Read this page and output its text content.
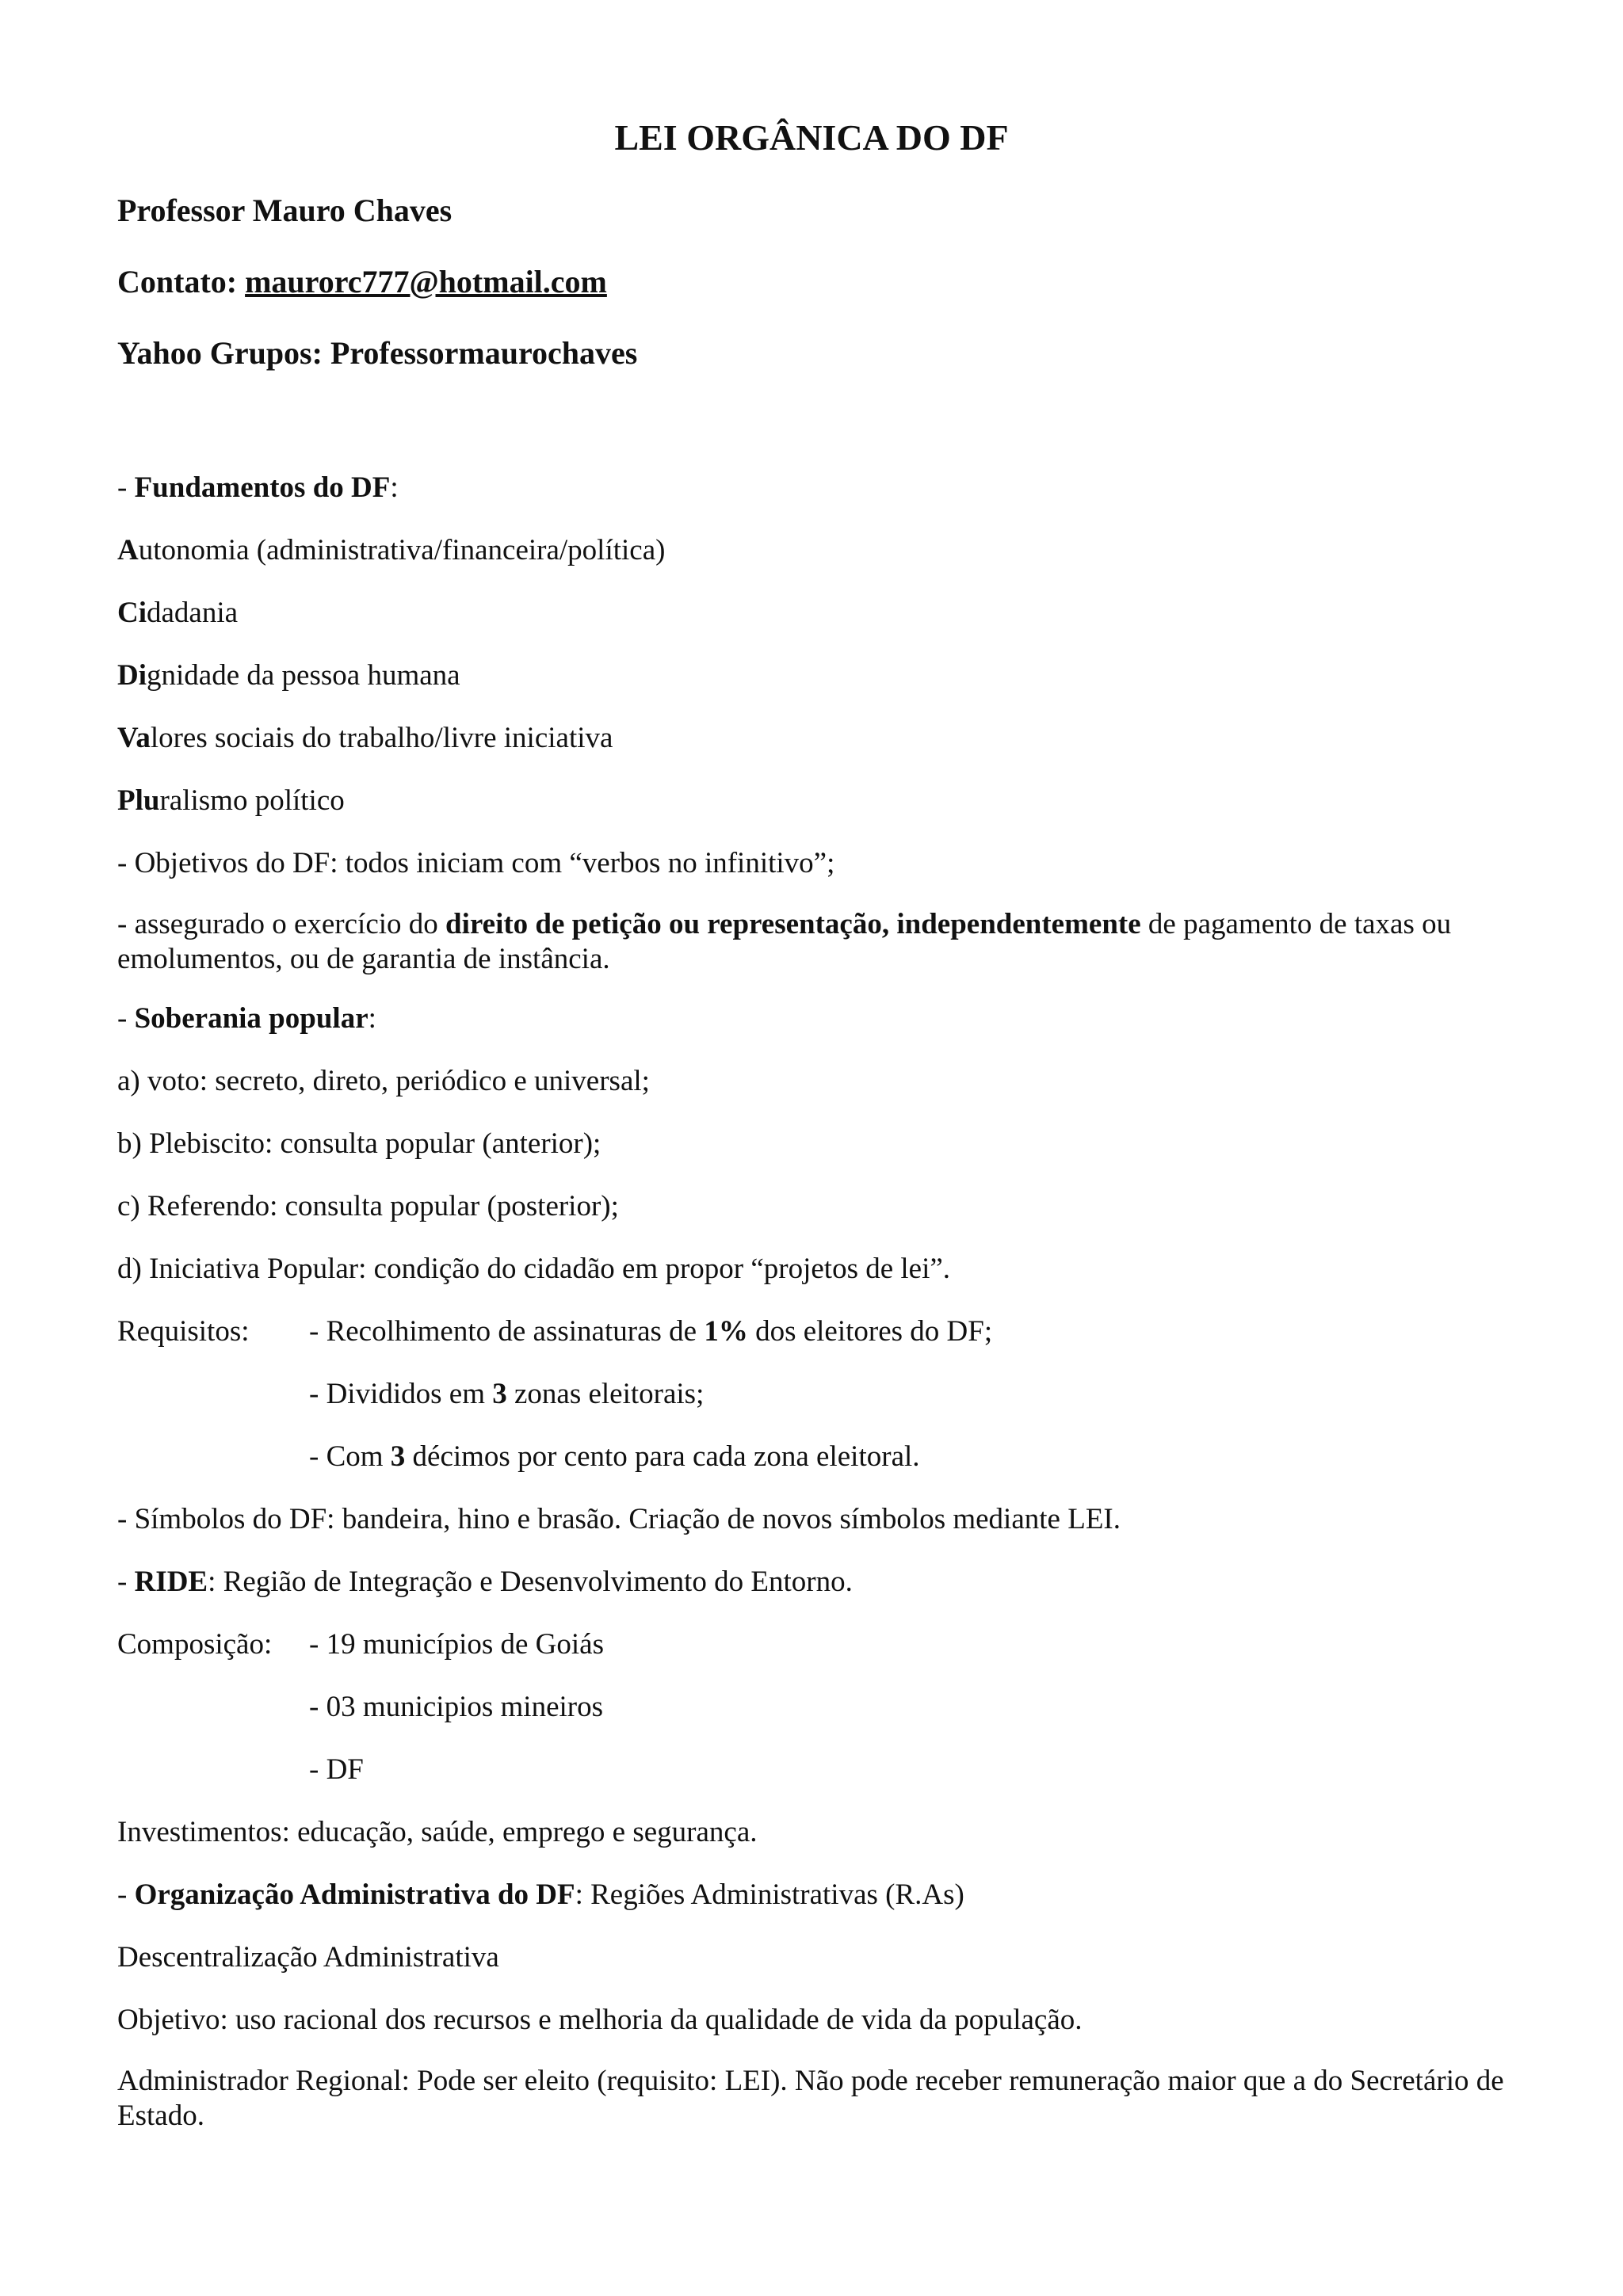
LEI ORGÂNICA DO DF

Professor Mauro Chaves

Contato: maurorc777@hotmail.com

Yahoo Grupos: Professormaurochaves

- Fundamentos do DF:

Autonomia (administrativa/financeira/política)

Cidadania

Dignidade da pessoa humana

Valores sociais do trabalho/livre iniciativa

Pluralismo político

- Objetivos do DF: todos iniciam com “verbos no infinitivo”;

- assegurado o exercício do direito de petição ou representação, independentemente de pagamento de taxas ou emolumentos, ou de garantia de instância.

- Soberania popular:

a) voto: secreto, direto, periódico e universal;

b) Plebiscito: consulta popular (anterior);

c) Referendo: consulta popular (posterior);

d) Iniciativa Popular: condição do cidadão em propor “projetos de lei”.

Requisitos: - Recolhimento de assinaturas de 1% dos eleitores do DF;
- Divididos em 3 zonas eleitorais;
- Com 3 décimos por cento para cada zona eleitoral.

- Símbolos do DF: bandeira, hino e brasão. Criação de novos símbolos mediante LEI.

- RIDE: Região de Integração e Desenvolvimento do Entorno.

Composição: - 19 municípios de Goiás
- 03 municipios mineiros
- DF

Investimentos: educação, saúde, emprego e segurança.

- Organização Administrativa do DF: Regiões Administrativas (R.As)

Descentralização Administrativa

Objetivo: uso racional dos recursos e melhoria da qualidade de vida da população.

Administrador Regional: Pode ser eleito (requisito: LEI). Não pode receber remuneração maior que a do Secretário de Estado.
